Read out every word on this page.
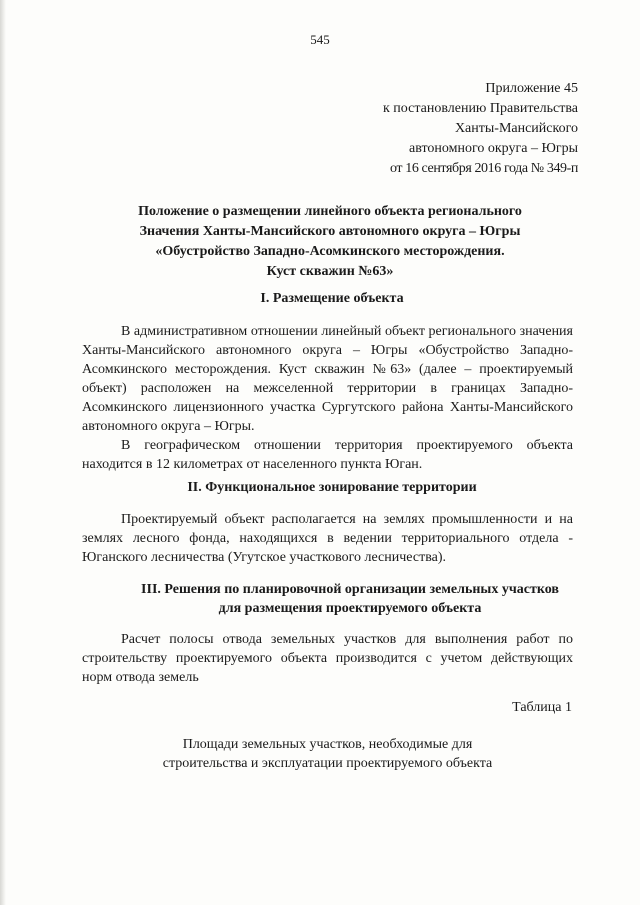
545
Приложение 45
к постановлению Правительства
Ханты-Мансийского
автономного округа – Югры
от 16 сентября 2016 года № 349-п
Положение о размещении линейного объекта регионального
Значения Ханты-Мансийского автономного округа – Югры
«Обустройство Западно-Асомкинского месторождения.
Куст скважин №63»
I. Размещение объекта

В административном отношении линейный объект регионального значения Ханты-Мансийского автономного округа – Югры «Обустройство Западно-Асомкинского месторождения. Куст скважин №63» (далее – проектируемый объект) расположен на межселенной территории в границах Западно-Асомкинского лицензионного участка Сургутского района Ханты-Мансийского автономного округа – Югры.

В географическом отношении территория проектируемого объекта находится в 12 километрах от населенного пункта Юган.

II. Функциональное зонирование территории

Проектируемый объект располагается на землях промышленности и на землях лесного фонда, находящихся в ведении территориального отдела - Юганского лесничества (Угутское участкового лесничества).

III. Решения по планировочной организации земельных участков
для размещения проектируемого объекта

Расчет полосы отвода земельных участков для выполнения работ по строительству проектируемого объекта производится с учетом действующих норм отвода земель

Таблица 1
Площади земельных участков, необходимые для
строительства и эксплуатации проектируемого объекта
